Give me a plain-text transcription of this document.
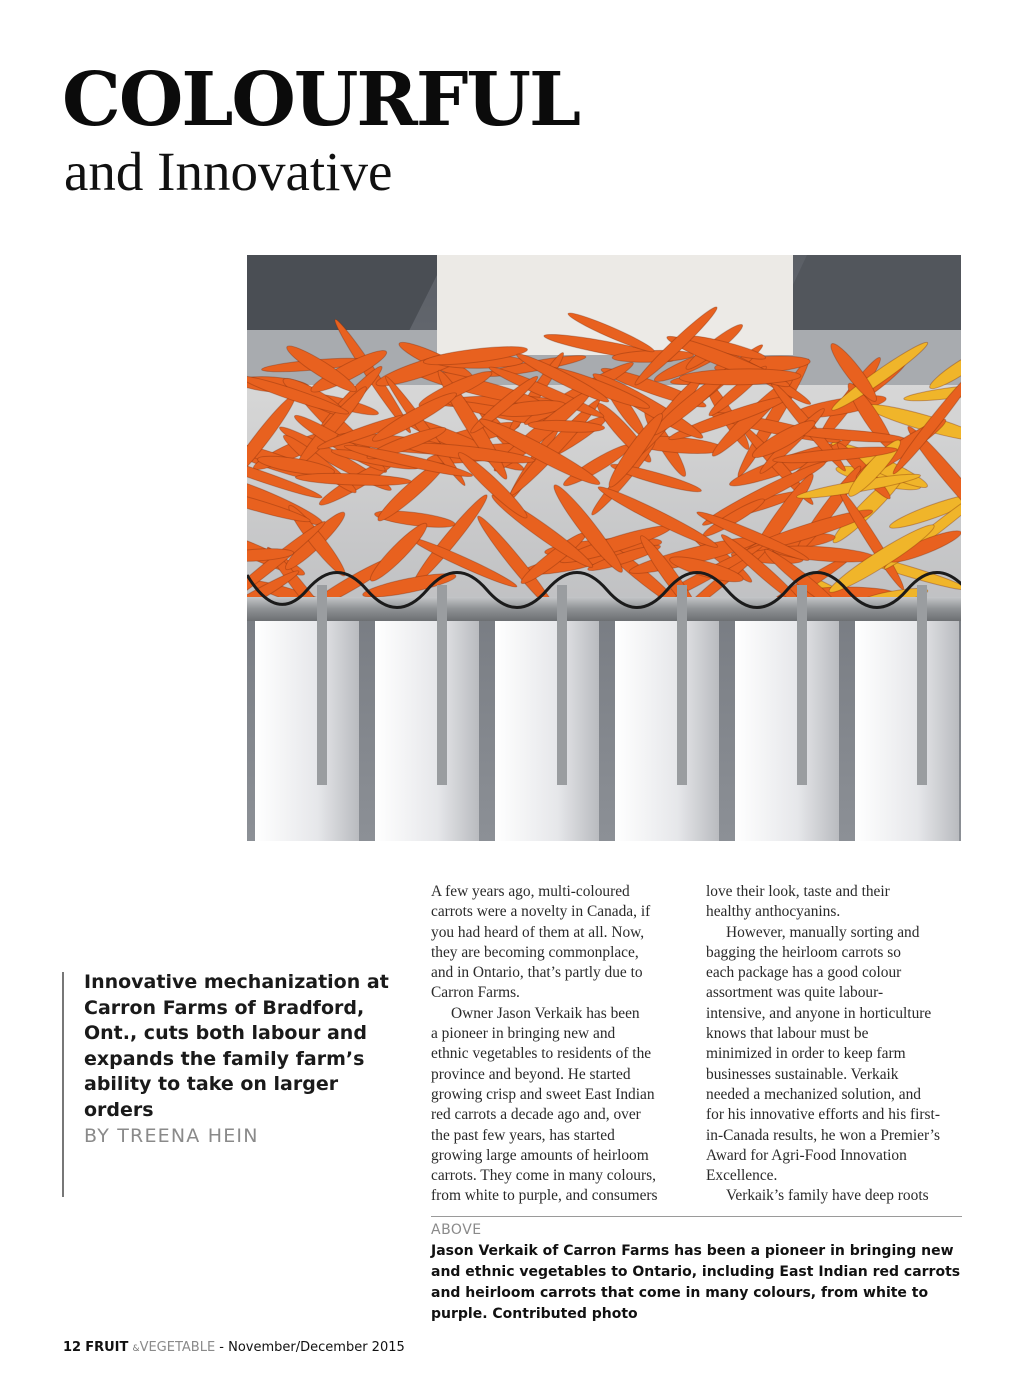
COLOURFUL
and Innovative
Innovative mechanization at Carron Farms of Bradford, Ont., cuts both labour and expands the family farm’s ability to take on larger orders
BY TREENA HEIN
A few years ago, multi-coloured
carrots were a novelty in Canada, if
you had heard of them at all. Now,
they are becoming commonplace,
and in Ontario, that’s partly due to
Carron Farms.
Owner Jason Verkaik has been
a pioneer in bringing new and
ethnic vegetables to residents of the
province and beyond. He started
growing crisp and sweet East Indian
red carrots a decade ago and, over
the past few years, has started
growing large amounts of heirloom
carrots. They come in many colours,
from white to purple, and consumers
love their look, taste and their
healthy anthocyanins.
However, manually sorting and
bagging the heirloom carrots so
each package has a good colour
assortment was quite labour-
intensive, and anyone in horticulture
knows that labour must be
minimized in order to keep farm
businesses sustainable. Verkaik
needed a mechanized solution, and
for his innovative efforts and his first-
in-Canada results, he won a Premier’s
Award for Agri-Food Innovation
Excellence.
Verkaik’s family have deep roots
ABOVE
Jason Verkaik of Carron Farms has been a pioneer in bringing new and ethnic vegetables to Ontario, including East Indian red carrots and heirloom carrots that come in many colours, from white to purple. Contributed photo
12 FRUIT &VEGETABLE - November/December 2015
